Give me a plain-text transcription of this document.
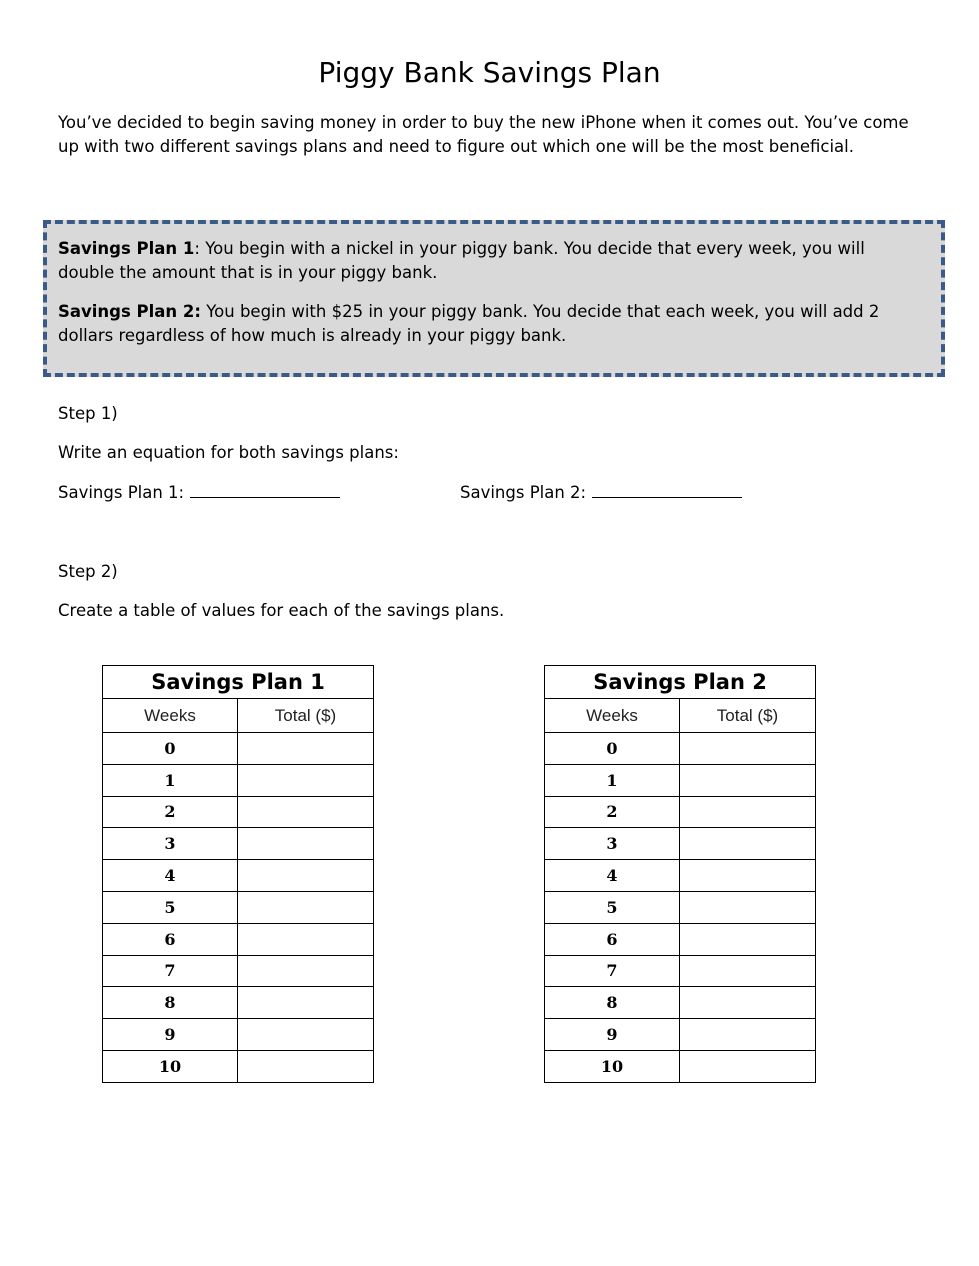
Piggy Bank Savings Plan
You’ve decided to begin saving money in order to buy the new iPhone when it comes out. You’ve come up with two different savings plans and need to figure out which one will be the most beneficial.
Savings Plan 1: You begin with a nickel in your piggy bank. You decide that every week, you will double the amount that is in your piggy bank.
Savings Plan 2: You begin with $25 in your piggy bank. You decide that each week, you will add 2 dollars regardless of how much is already in your piggy bank.
Step 1)
Write an equation for both savings plans:
Savings Plan 1:	Savings Plan 2:
Step 2)
Create a table of values for each of the savings plans.
Savings Plan 1	
Weeks	Total ($)
0	
1	
2	
3	
4	
5	
6	
7	
8	
9	
10	
Savings Plan 2	
Weeks	Total ($)
0	
1	
2	
3	
4	
5	
6	
7	
8	
9	
10	
